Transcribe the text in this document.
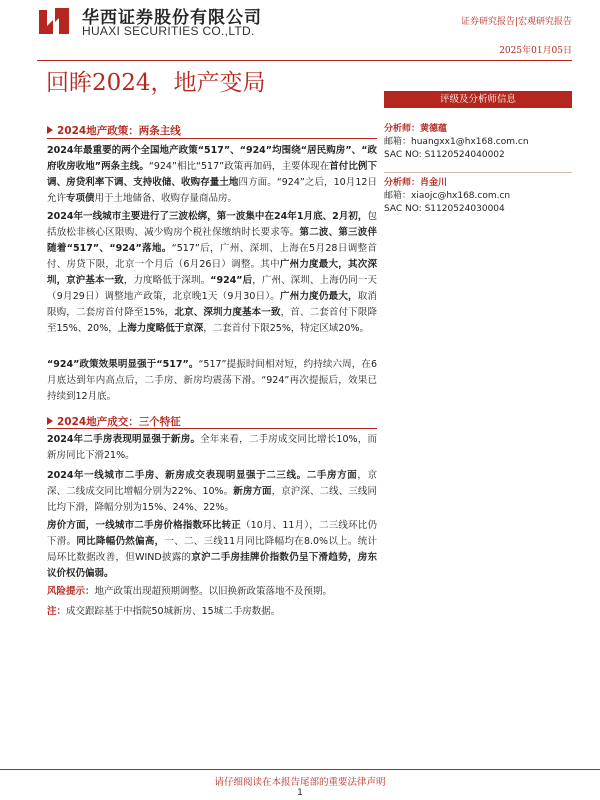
华西证券股份有限公司
HUAXI SECURITIES CO.,LTD.
证券研究报告|宏观研究报告
2025年01月05日
回眸2024，地产变局
2024地产政策：两条主线
2024年最重要的两个全国地产政策“517”、“924”均围绕“居民购房”、“政府收房收地”两条主线。“924”相比“517”政策再加码，主要体现在首付比例下调、房贷利率下调、支持收储、收购存量土地四方面。“924”之后，10月12日允许专项债用于土地储备、收购存量商品房。
2024年一线城市主要进行了三波松绑，第一波集中在24年1月底、2月初，包括放松非核心区限购、减少购房个税社保缴纳时长要求等。第二波、第三波伴随着“517”、“924”落地。“517”后，广州、深圳、上海在5月28日调整首付、房贷下限，北京一个月后（6月26日）调整。其中广州力度最大，其次深圳，京沪基本一致，力度略低于深圳。“924”后，广州、深圳、上海仍同一天（9月29日）调整地产政策，北京晚1天（9月30日）。广州力度仍最大，取消限购，二套房首付降至15%，北京、深圳力度基本一致，首、二套首付下限降至15%、20%，上海力度略低于京深，二套首付下限25%，特定区域20%。
“924”政策效果明显强于“517”。“517”提振时间相对短，约持续六周，在6月底达到年内高点后，二手房、新房均震荡下滑。“924”再次提振后，效果已持续到12月底。
2024地产成交：三个特征
2024年二手房表现明显强于新房。全年来看，二手房成交同比增长10%，而新房同比下滑21%。
2024年一线城市二手房、新房成交表现明显强于二三线。二手房方面，京深、二线成交同比增幅分别为22%、10%。新房方面，京沪深、二线、三线同比均下滑，降幅分别为15%、24%、22%。
房价方面，一线城市二手房价格指数环比转正（10月、11月），二三线环比仍下滑。同比降幅仍然偏高，一、二、三线11月同比降幅均在8.0%以上。统计局环比数据改善，但WIND披露的京沪二手房挂牌价指数仍呈下滑趋势，房东议价权仍偏弱。
风险提示：地产政策出现超预期调整。以旧换新政策落地不及预期。
注：成交跟踪基于中指院50城新房、15城二手房数据。
评级及分析师信息
分析师：黄德蕴
邮箱：huangxx1@hx168.com.cn
SAC NO: S1120524040002
分析师：肖金川
邮箱：xiaojc@hx168.com.cn
SAC NO: S1120524030004
请仔细阅读在本报告尾部的重要法律声明
1
